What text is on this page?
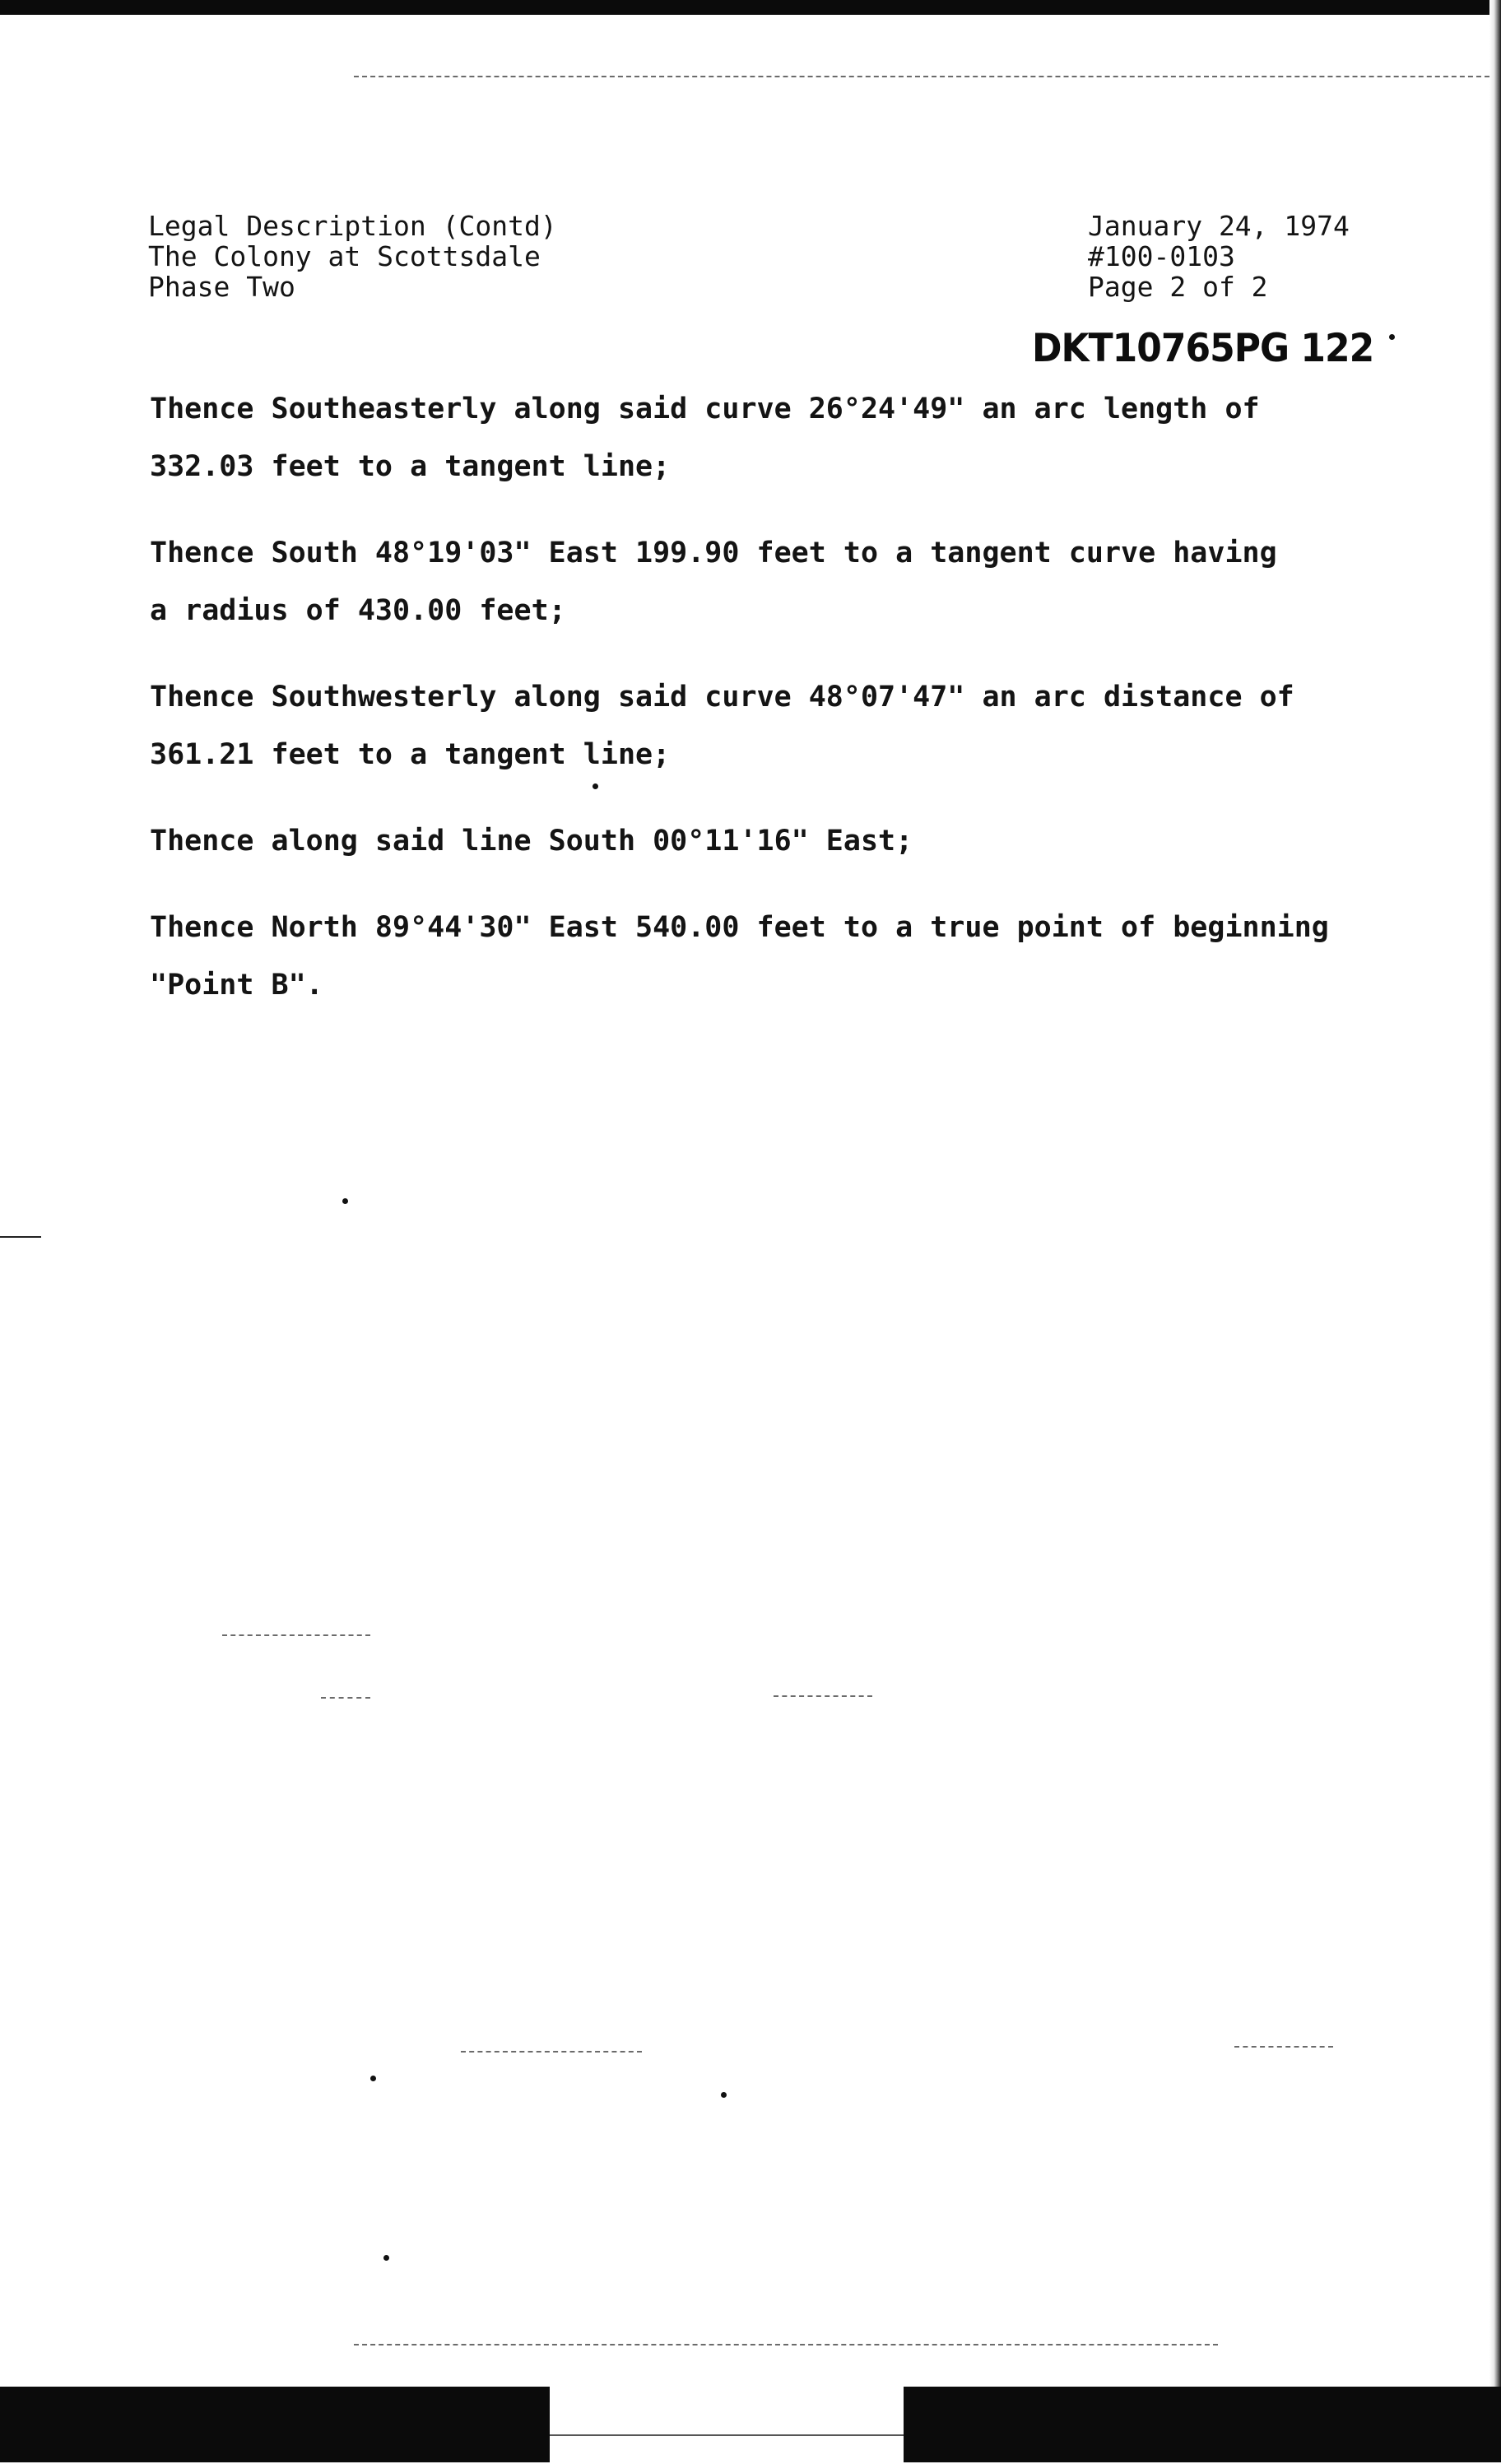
Legal Description (Contd)
The Colony at Scottsdale
Phase Two
January 24, 1974
#100-0103
Page 2 of 2
DKT10765PG 122
Thence Southeasterly along said curve 26°24'49" an arc length of
332.03 feet to a tangent line;
Thence South 48°19'03" East 199.90 feet to a tangent curve having
a radius of 430.00 feet;
Thence Southwesterly along said curve 48°07'47" an arc distance of
361.21 feet to a tangent line;
Thence along said line South 00°11'16" East;
Thence North 89°44'30" East 540.00 feet to a true point of beginning
"Point B".
